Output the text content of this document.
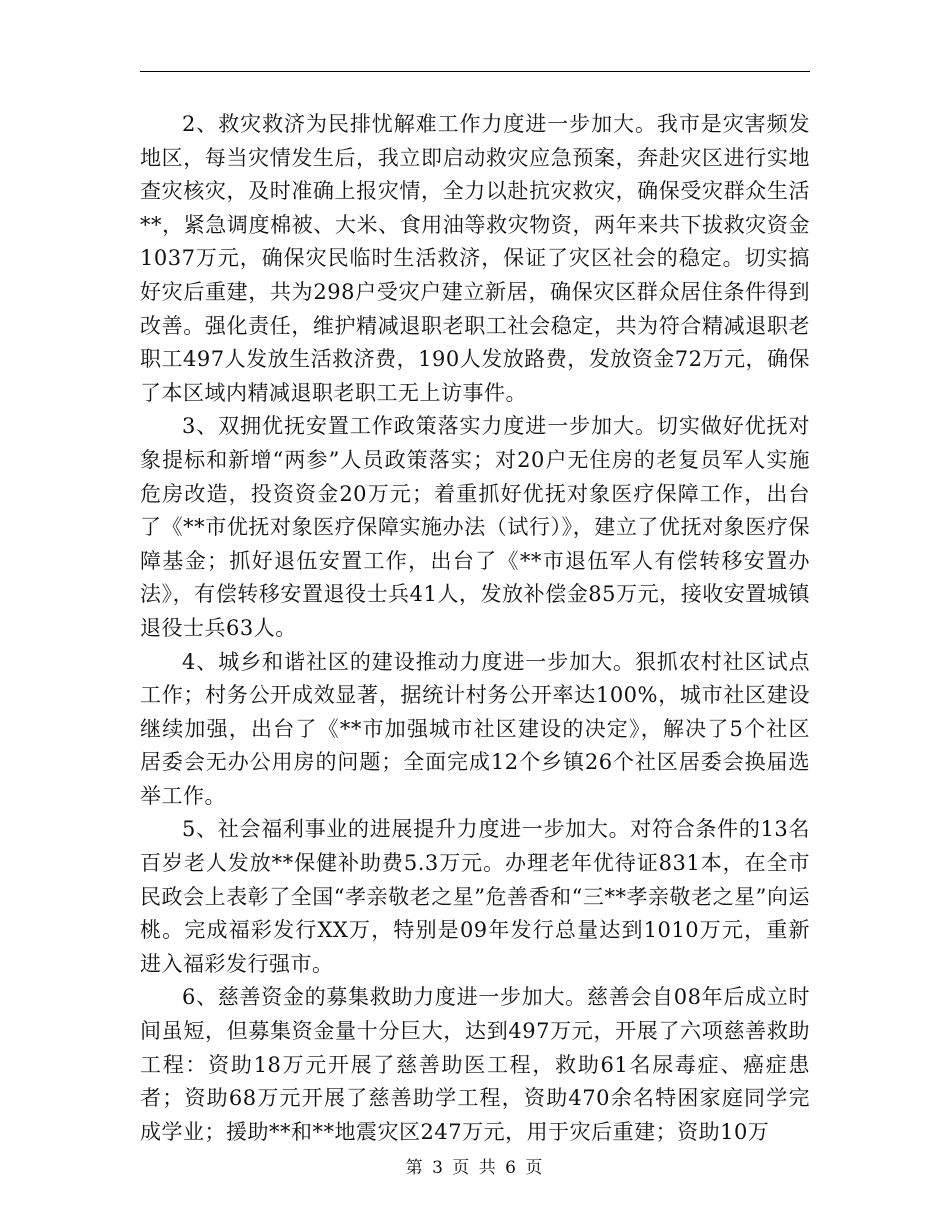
2、救灾救济为民排忧解难工作力度进一步加大。我市是灾害频发地区，每当灾情发生后，我立即启动救灾应急预案，奔赴灾区进行实地查灾核灾，及时准确上报灾情，全力以赴抗灾救灾，确保受灾群众生活**，紧急调度棉被、大米、食用油等救灾物资，两年来共下拔救灾资金1037万元，确保灾民临时生活救济，保证了灾区社会的稳定。切实搞好灾后重建，共为298户受灾户建立新居，确保灾区群众居住条件得到改善。强化责任，维护精减退职老职工社会稳定，共为符合精减退职老职工497人发放生活救济费，190人发放路费，发放资金72万元，确保了本区域内精减退职老职工无上访事件。

3、双拥优抚安置工作政策落实力度进一步加大。切实做好优抚对象提标和新增“两参”人员政策落实；对20户无住房的老复员军人实施危房改造，投资资金20万元；着重抓好优抚对象医疗保障工作，出台了《**市优抚对象医疗保障实施办法（试行）》，建立了优抚对象医疗保障基金；抓好退伍安置工作，出台了《**市退伍军人有偿转移安置办法》，有偿转移安置退役士兵41人，发放补偿金85万元，接收安置城镇退役士兵63人。

4、城乡和谐社区的建设推动力度进一步加大。狠抓农村社区试点工作；村务公开成效显著，据统计村务公开率达100%，城市社区建设继续加强，出台了《**市加强城市社区建设的决定》，解决了5个社区居委会无办公用房的问题；全面完成12个乡镇26个社区居委会换届选举工作。

5、社会福利事业的进展提升力度进一步加大。对符合条件的13名百岁老人发放**保健补助费5.3万元。办理老年优待证831本，在全市民政会上表彰了全国“孝亲敬老之星”危善香和“三**孝亲敬老之星”向运桃。完成福彩发行XX万，特别是09年发行总量达到1010万元，重新进入福彩发行强市。

6、慈善资金的募集救助力度进一步加大。慈善会自08年后成立时间虽短，但募集资金量十分巨大，达到497万元，开展了六项慈善救助工程：资助18万元开展了慈善助医工程，救助61名尿毒症、癌症患者；资助68万元开展了慈善助学工程，资助470余名特困家庭同学完成学业；援助**和**地震灾区247万元，用于灾后重建；资助10万

第 3 页 共 6 页
